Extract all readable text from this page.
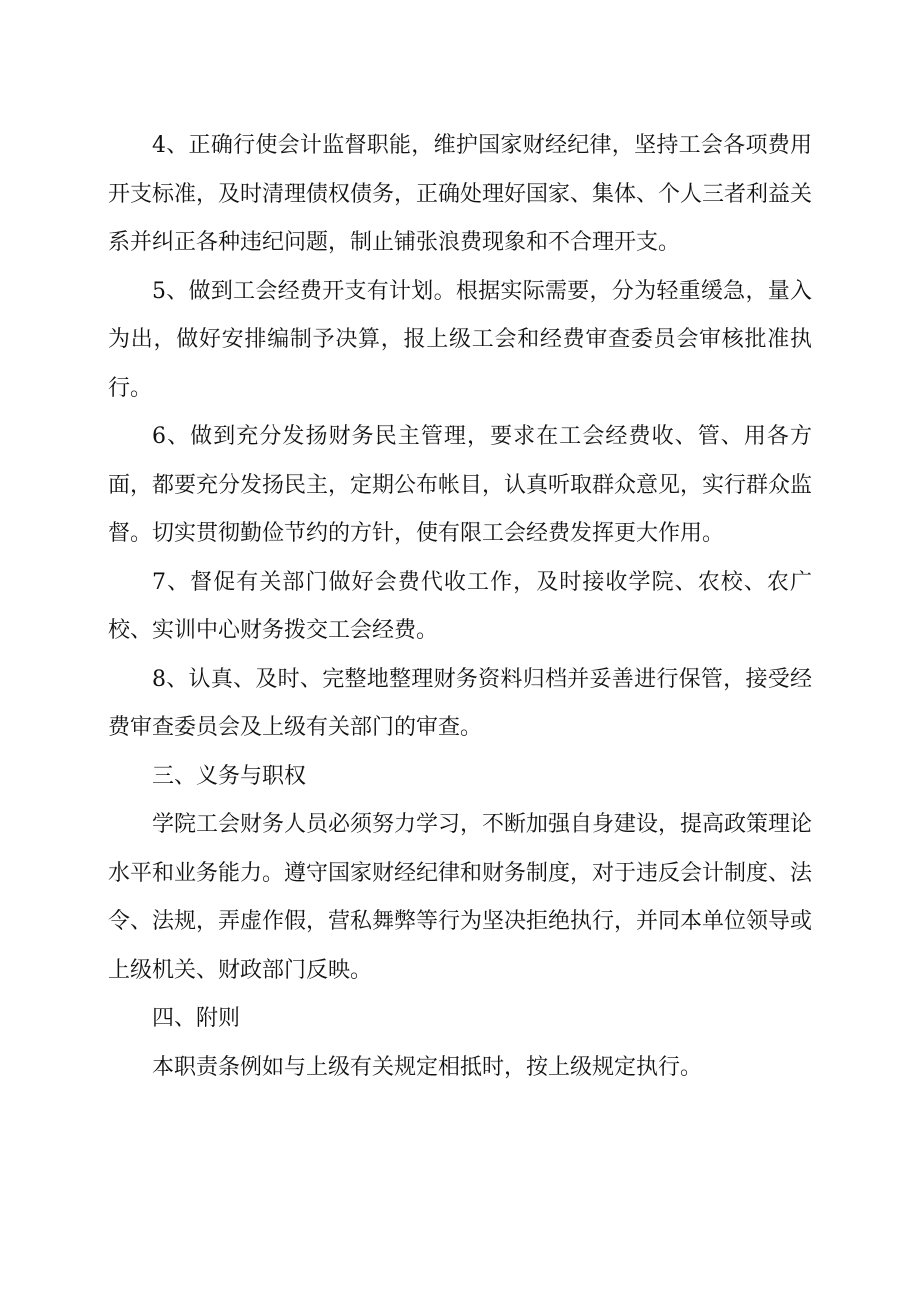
4、正确行使会计监督职能，维护国家财经纪律，坚持工会各项费用开支标准，及时清理债权债务，正确处理好国家、集体、个人三者利益关系并纠正各种违纪问题，制止铺张浪费现象和不合理开支。

5、做到工会经费开支有计划。根据实际需要，分为轻重缓急，量入为出，做好安排编制予决算，报上级工会和经费审查委员会审核批准执行。

6、做到充分发扬财务民主管理，要求在工会经费收、管、用各方面，都要充分发扬民主，定期公布帐目，认真听取群众意见，实行群众监督。切实贯彻勤俭节约的方针，使有限工会经费发挥更大作用。

7、督促有关部门做好会费代收工作，及时接收学院、农校、农广校、实训中心财务拨交工会经费。

8、认真、及时、完整地整理财务资料归档并妥善进行保管，接受经费审查委员会及上级有关部门的审查。

三、义务与职权

学院工会财务人员必须努力学习，不断加强自身建设，提高政策理论水平和业务能力。遵守国家财经纪律和财务制度，对于违反会计制度、法令、法规，弄虚作假，营私舞弊等行为坚决拒绝执行，并同本单位领导或上级机关、财政部门反映。

四、附则

本职责条例如与上级有关规定相抵时，按上级规定执行。
